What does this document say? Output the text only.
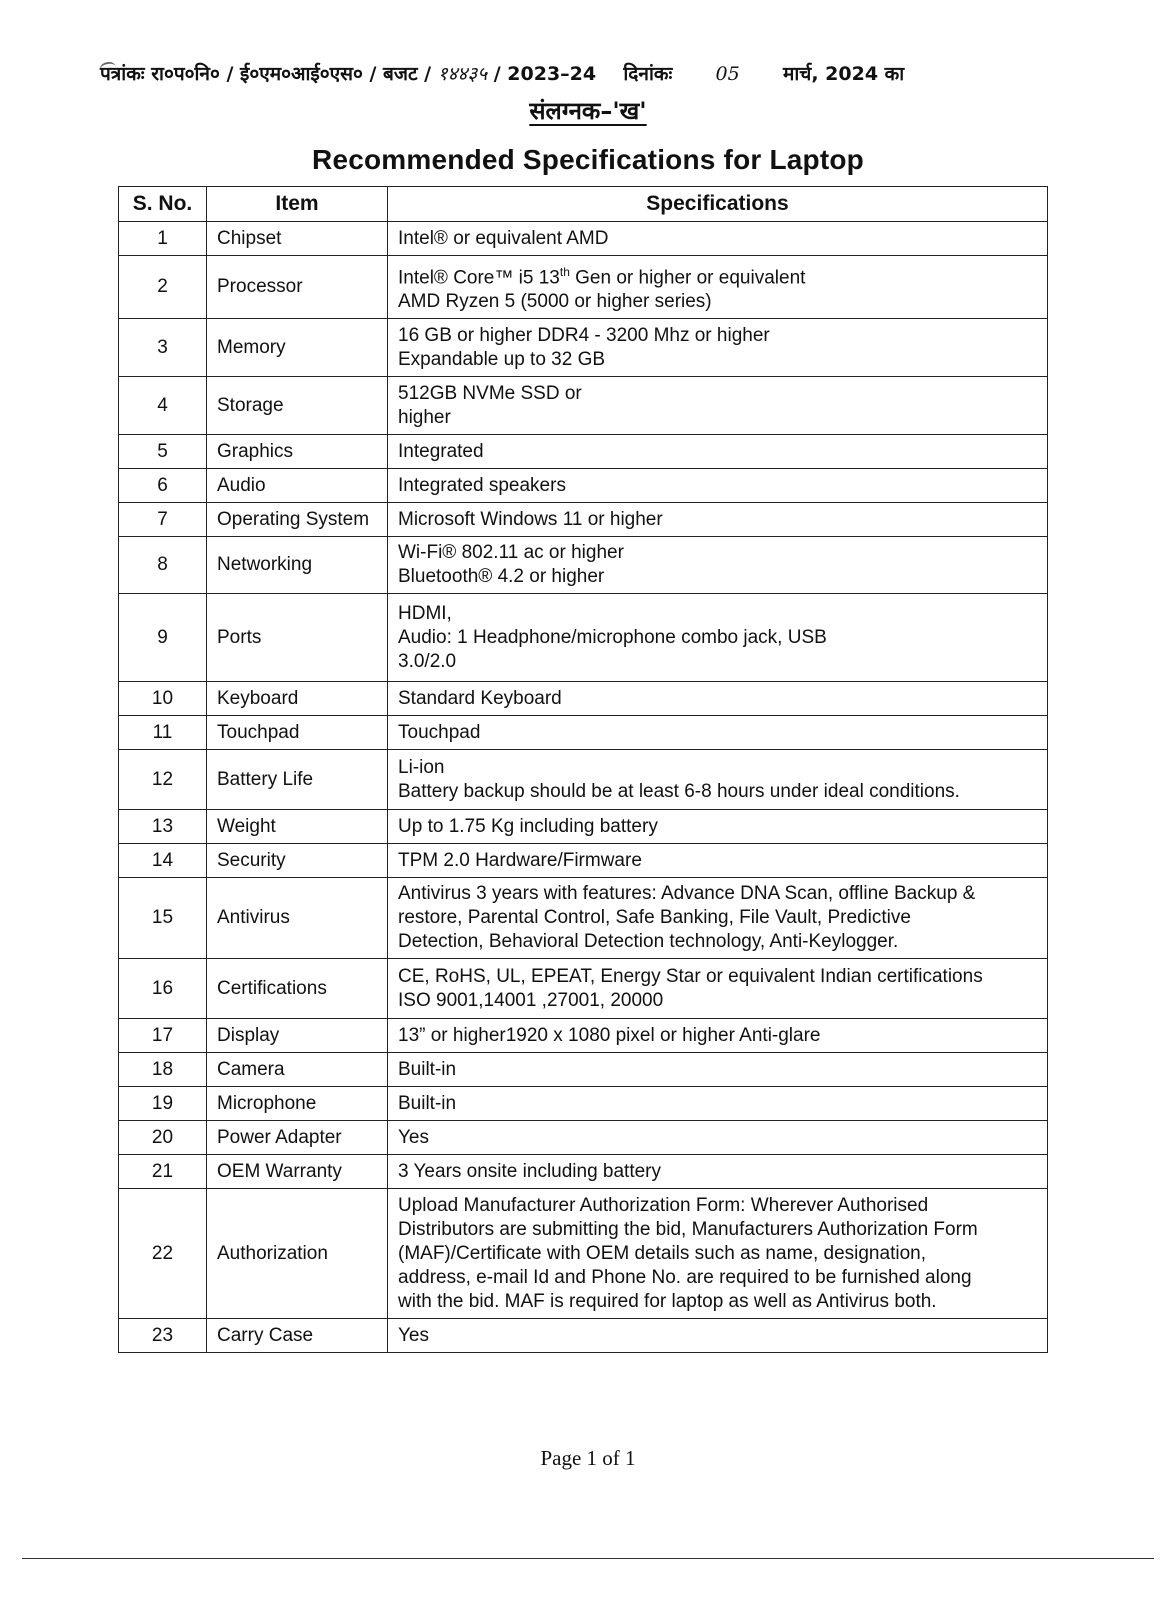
पत्रांकः रा०प०नि० / ई०एम०आई०एस० / बजट / १४४३५ / 2023–24 दिनांकः 05 मार्च, 2024 का
संलग्नक–'ख'
Recommended Specifications for Laptop
S. No.	Item	Specifications
1	Chipset	Intel® or equivalent AMD

2	Processor	Intel® Core™ i5 13th Gen or higher or equivalent
AMD Ryzen 5 (5000 or higher series)

3	Memory	16 GB or higher DDR4 - 3200 Mhz or higher
Expandable up to 32 GB

4	Storage	512GB NVMe SSD or
higher

5	Graphics	Integrated

6	Audio	Integrated speakers

7	Operating System	Microsoft Windows 11 or higher

8	Networking	Wi-Fi® 802.11 ac or higher
Bluetooth® 4.2 or higher

9	Ports	HDMI,
Audio: 1 Headphone/microphone combo jack, USB
3.0/2.0

10	Keyboard	Standard Keyboard

11	Touchpad	Touchpad

12	Battery Life	Li-ion
Battery backup should be at least 6-8 hours under ideal conditions.

13	Weight	Up to 1.75 Kg including battery

14	Security	TPM 2.0 Hardware/Firmware

15	Antivirus	Antivirus 3 years with features: Advance DNA Scan, offline Backup &
restore, Parental Control, Safe Banking, File Vault, Predictive
Detection, Behavioral Detection technology, Anti-Keylogger.

16	Certifications	CE, RoHS, UL, EPEAT, Energy Star or equivalent Indian certifications
ISO 9001,14001 ,27001, 20000

17	Display	13” or higher1920 x 1080 pixel or higher Anti-glare

18	Camera	Built-in

19	Microphone	Built-in

20	Power Adapter	Yes

21	OEM Warranty	3 Years onsite including battery

22	Authorization	Upload Manufacturer Authorization Form: Wherever Authorised
Distributors are submitting the bid, Manufacturers Authorization Form
(MAF)/Certificate with OEM details such as name, designation,
address, e-mail Id and Phone No. are required to be furnished along
with the bid. MAF is required for laptop as well as Antivirus both.

23	Carry Case	Yes
Page 1 of 1
